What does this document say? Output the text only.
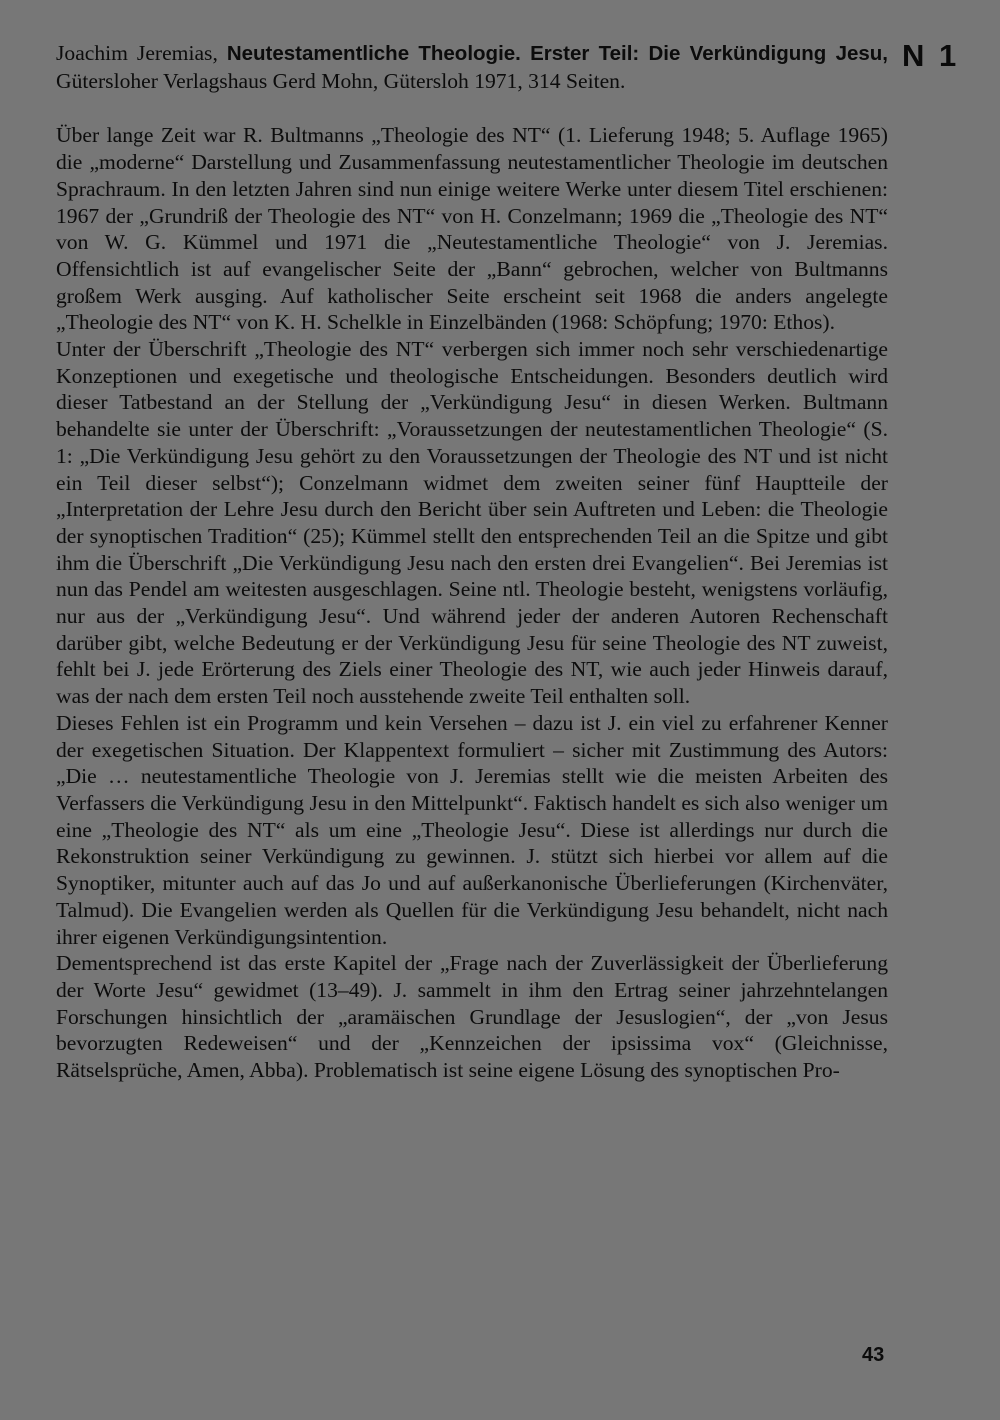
N 1

Joachim Jeremias, Neutestamentliche Theologie. Erster Teil: Die Verkündigung Jesu, Gütersloher Verlagshaus Gerd Mohn, Gütersloh 1971, 314 Seiten.

Über lange Zeit war R. Bultmanns „Theologie des NT“ (1. Lieferung 1948; 5. Auflage 1965) die „moderne“ Darstellung und Zusammenfassung neutestamentlicher Theologie im deutschen Sprachraum. In den letzten Jahren sind nun einige weitere Werke unter diesem Titel erschienen: 1967 der „Grundriß der Theologie des NT“ von H. Conzelmann; 1969 die „Theologie des NT“ von W. G. Kümmel und 1971 die „Neutestamentliche Theologie“ von J. Jeremias. Offensichtlich ist auf evangelischer Seite der „Bann“ gebrochen, welcher von Bultmanns großem Werk ausging. Auf katholischer Seite erscheint seit 1968 die anders angelegte „Theologie des NT“ von K. H. Schelkle in Einzelbänden (1968: Schöpfung; 1970: Ethos).

Unter der Überschrift „Theologie des NT“ verbergen sich immer noch sehr verschiedenartige Konzeptionen und exegetische und theologische Entscheidungen. Besonders deutlich wird dieser Tatbestand an der Stellung der „Verkündigung Jesu“ in diesen Werken. Bultmann behandelte sie unter der Überschrift: „Voraussetzungen der neutestamentlichen Theologie“ (S. 1: „Die Verkündigung Jesu gehört zu den Voraussetzungen der Theologie des NT und ist nicht ein Teil dieser selbst“); Conzelmann widmet dem zweiten seiner fünf Hauptteile der „Interpretation der Lehre Jesu durch den Bericht über sein Auftreten und Leben: die Theologie der synoptischen Tradition“ (25); Kümmel stellt den entsprechenden Teil an die Spitze und gibt ihm die Überschrift „Die Verkündigung Jesu nach den ersten drei Evangelien“. Bei Jeremias ist nun das Pendel am weitesten ausgeschlagen. Seine ntl. Theologie besteht, wenigstens vorläufig, nur aus der „Verkündigung Jesu“. Und während jeder der anderen Autoren Rechenschaft darüber gibt, welche Bedeutung er der Verkündigung Jesu für seine Theologie des NT zuweist, fehlt bei J. jede Erörterung des Ziels einer Theologie des NT, wie auch jeder Hinweis darauf, was der nach dem ersten Teil noch ausstehende zweite Teil enthalten soll.

Dieses Fehlen ist ein Programm und kein Versehen – dazu ist J. ein viel zu erfahrener Kenner der exegetischen Situation. Der Klappentext formuliert – sicher mit Zustimmung des Autors: „Die … neutestamentliche Theologie von J. Jeremias stellt wie die meisten Arbeiten des Verfassers die Verkündigung Jesu in den Mittelpunkt“. Faktisch handelt es sich also weniger um eine „Theologie des NT“ als um eine „Theologie Jesu“. Diese ist allerdings nur durch die Rekonstruktion seiner Verkündigung zu gewinnen. J. stützt sich hierbei vor allem auf die Synoptiker, mitunter auch auf das Jo und auf außerkanonische Überlieferungen (Kirchenväter, Talmud). Die Evangelien werden als Quellen für die Verkündigung Jesu behandelt, nicht nach ihrer eigenen Verkündigungsintention.

Dementsprechend ist das erste Kapitel der „Frage nach der Zuverlässigkeit der Überlieferung der Worte Jesu“ gewidmet (13–49). J. sammelt in ihm den Ertrag seiner jahrzehntelangen Forschungen hinsichtlich der „aramäischen Grundlage der Jesuslogien“, der „von Jesus bevorzugten Redeweisen“ und der „Kennzeichen der ipsissima vox“ (Gleichnisse, Rätselsprüche, Amen, Abba). Problematisch ist seine eigene Lösung des synoptischen Pro-

43
